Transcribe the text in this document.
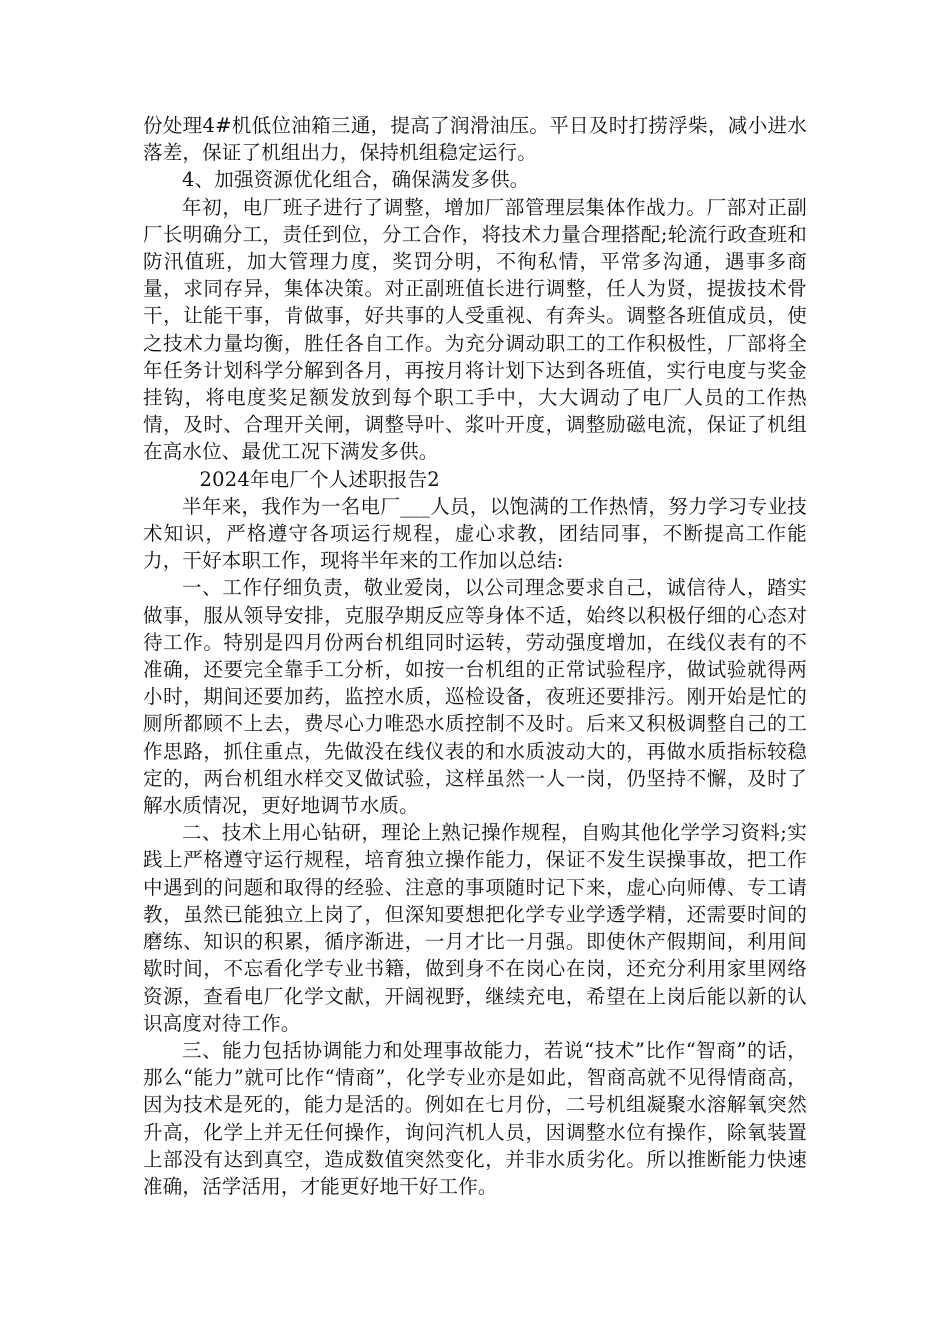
份处理4#机低位油箱三通，提高了润滑油压。平日及时打捞浮柴，减小进水落差，保证了机组出力，保持机组稳定运行。

4、加强资源优化组合，确保满发多供。

年初，电厂班子进行了调整，增加厂部管理层集体作战力。厂部对正副厂长明确分工，责任到位，分工合作，将技术力量合理搭配;轮流行政查班和防汛值班，加大管理力度，奖罚分明，不徇私情，平常多沟通，遇事多商量，求同存异，集体决策。对正副班值长进行调整，任人为贤，提拔技术骨干，让能干事，肯做事，好共事的人受重视、有奔头。调整各班值成员，使之技术力量均衡，胜任各自工作。为充分调动职工的工作积极性，厂部将全年任务计划科学分解到各月，再按月将计划下达到各班值，实行电度与奖金挂钩，将电度奖足额发放到每个职工手中，大大调动了电厂人员的工作热情，及时、合理开关闸，调整导叶、浆叶开度，调整励磁电流，保证了机组在高水位、最优工况下满发多供。

2024年电厂个人述职报告2

半年来，我作为一名电厂___人员，以饱满的工作热情，努力学习专业技术知识，严格遵守各项运行规程，虚心求教，团结同事，不断提高工作能力，干好本职工作，现将半年来的工作加以总结:

一、工作仔细负责，敬业爱岗，以公司理念要求自己，诚信待人，踏实做事，服从领导安排，克服孕期反应等身体不适，始终以积极仔细的心态对待工作。特别是四月份两台机组同时运转，劳动强度增加，在线仪表有的不准确，还要完全靠手工分析，如按一台机组的正常试验程序，做试验就得两小时，期间还要加药，监控水质，巡检设备，夜班还要排污。刚开始是忙的厕所都顾不上去，费尽心力唯恐水质控制不及时。后来又积极调整自己的工作思路，抓住重点，先做没在线仪表的和水质波动大的，再做水质指标较稳定的，两台机组水样交叉做试验，这样虽然一人一岗，仍坚持不懈，及时了解水质情况，更好地调节水质。

二、技术上用心钻研，理论上熟记操作规程，自购其他化学学习资料;实践上严格遵守运行规程，培育独立操作能力，保证不发生误操事故，把工作中遇到的问题和取得的经验、注意的事项随时记下来，虚心向师傅、专工请教，虽然已能独立上岗了，但深知要想把化学专业学透学精，还需要时间的磨练、知识的积累，循序渐进，一月才比一月强。即使休产假期间，利用间歇时间，不忘看化学专业书籍，做到身不在岗心在岗，还充分利用家里网络资源，查看电厂化学文献，开阔视野，继续充电，希望在上岗后能以新的认识高度对待工作。

三、能力包括协调能力和处理事故能力，若说“技术”比作“智商”的话，那么“能力”就可比作“情商”，化学专业亦是如此，智商高就不见得情商高，因为技术是死的，能力是活的。例如在七月份，二号机组凝聚水溶解氧突然升高，化学上并无任何操作，询问汽机人员，因调整水位有操作，除氧装置上部没有达到真空，造成数值突然变化，并非水质劣化。所以推断能力快速准确，活学活用，才能更好地干好工作。
